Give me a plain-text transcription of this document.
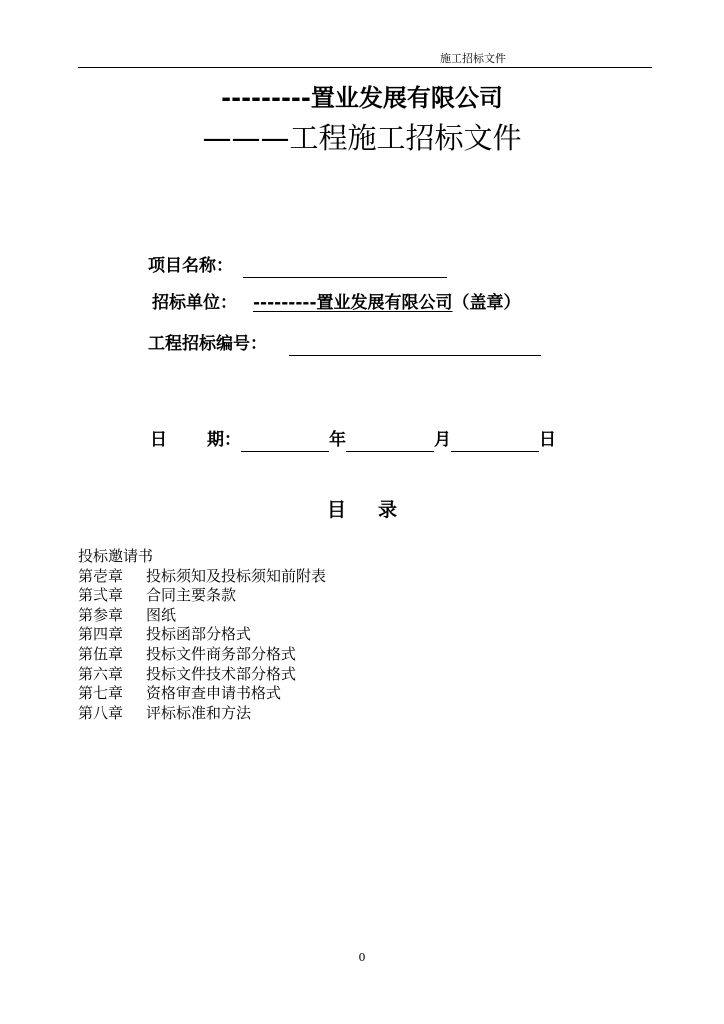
施工招标文件
---------置业发展有限公司
———工程施工招标文件
项目名称：
招标单位： ---------置业发展有限公司（盖章）
工程招标编号：
日 期：	年	月	日
目 录
投标邀请书
第壱章 投标须知及投标须知前附表
第弍章 合同主要条款
第参章 图纸
第四章 投标函部分格式
第伍章 投标文件商务部分格式
第六章 投标文件技术部分格式
第七章 资格审查申请书格式
第八章 评标标准和方法
0
